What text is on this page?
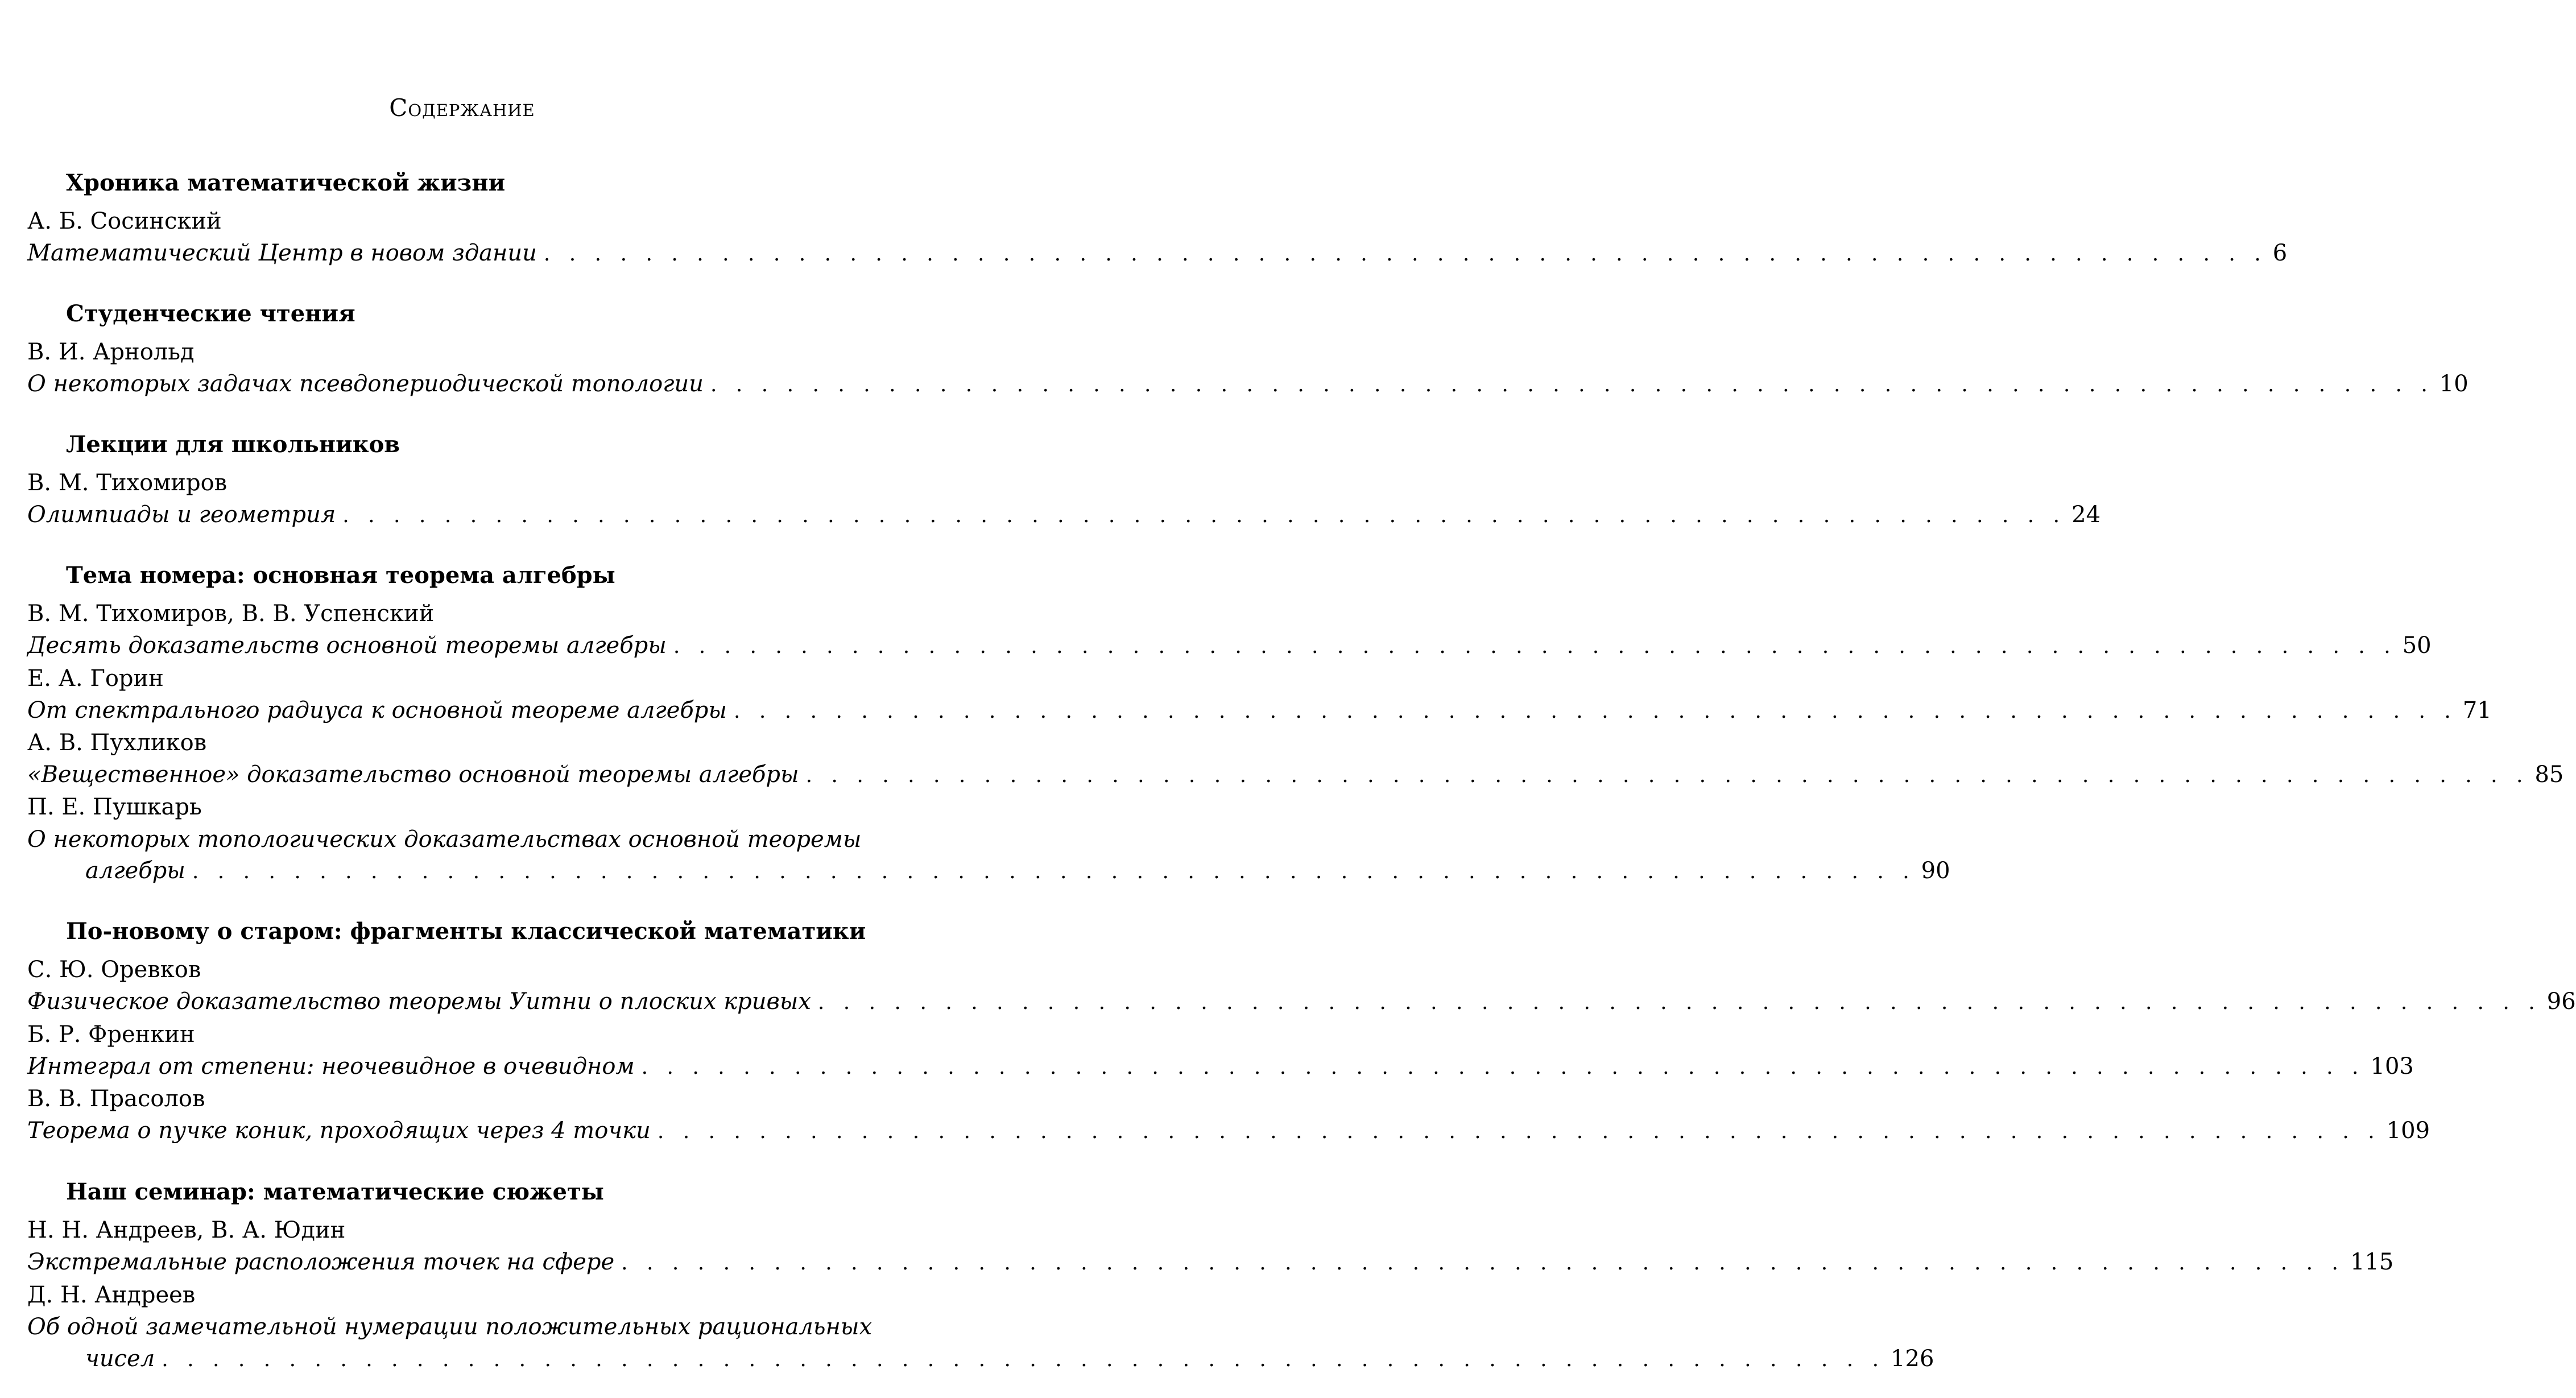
Содержание
Хроника математической жизни
А. Б. Сосинский
Математический Центр в новом здании . . . . . . . . . . . . . . . . . . . . . . . . . . . . . . . . . . . . . . . . . . . . . . . . . . . . . . . . . . . . . . . . . . . . 6
Студенческие чтения
В. И. Арнольд
О некоторых задачах псевдопериодической топологии . . . . . . . . . . . . . . . . . . . . . . . . . . . . . . . . . . . . . . . . . . . . . . . . . . . . . . . . . . . . . . . . . . . . 10
Лекции для школьников
В. М. Тихомиров
Олимпиады и геометрия . . . . . . . . . . . . . . . . . . . . . . . . . . . . . . . . . . . . . . . . . . . . . . . . . . . . . . . . . . . . . . . . . . . . 24
Тема номера: основная теорема алгебры
В. М. Тихомиров, В. В. Успенский
Десять доказательств основной теоремы алгебры . . . . . . . . . . . . . . . . . . . . . . . . . . . . . . . . . . . . . . . . . . . . . . . . . . . . . . . . . . . . . . . . . . . . 50
Е. А. Горин
От спектрального радиуса к основной теореме алгебры . . . . . . . . . . . . . . . . . . . . . . . . . . . . . . . . . . . . . . . . . . . . . . . . . . . . . . . . . . . . . . . . . . . . 71
А. В. Пухликов
«Вещественное» доказательство основной теоремы алгебры . . . . . . . . . . . . . . . . . . . . . . . . . . . . . . . . . . . . . . . . . . . . . . . . . . . . . . . . . . . . . . . . . . . . 85
П. Е. Пушкарь
О некоторых топологических доказательствах основной теоремы
алгебры . . . . . . . . . . . . . . . . . . . . . . . . . . . . . . . . . . . . . . . . . . . . . . . . . . . . . . . . . . . . . . . . . . . . 90
По-новому о старом: фрагменты классической математики
С. Ю. Оревков
Физическое доказательство теоремы Уитни о плоских кривых . . . . . . . . . . . . . . . . . . . . . . . . . . . . . . . . . . . . . . . . . . . . . . . . . . . . . . . . . . . . . . . . . . . . 96
Б. Р. Френкин
Интеграл от степени: неочевидное в очевидном . . . . . . . . . . . . . . . . . . . . . . . . . . . . . . . . . . . . . . . . . . . . . . . . . . . . . . . . . . . . . . . . . . . . 103
В. В. Прасолов
Теорема о пучке коник, проходящих через 4 точки . . . . . . . . . . . . . . . . . . . . . . . . . . . . . . . . . . . . . . . . . . . . . . . . . . . . . . . . . . . . . . . . . . . . 109
Наш семинар: математические сюжеты
Н. Н. Андреев, В. А. Юдин
Экстремальные расположения точек на сфере . . . . . . . . . . . . . . . . . . . . . . . . . . . . . . . . . . . . . . . . . . . . . . . . . . . . . . . . . . . . . . . . . . . . 115
Д. Н. Андреев
Об одной замечательной нумерации положительных рациональных
чисел . . . . . . . . . . . . . . . . . . . . . . . . . . . . . . . . . . . . . . . . . . . . . . . . . . . . . . . . . . . . . . . . . . . . 126
